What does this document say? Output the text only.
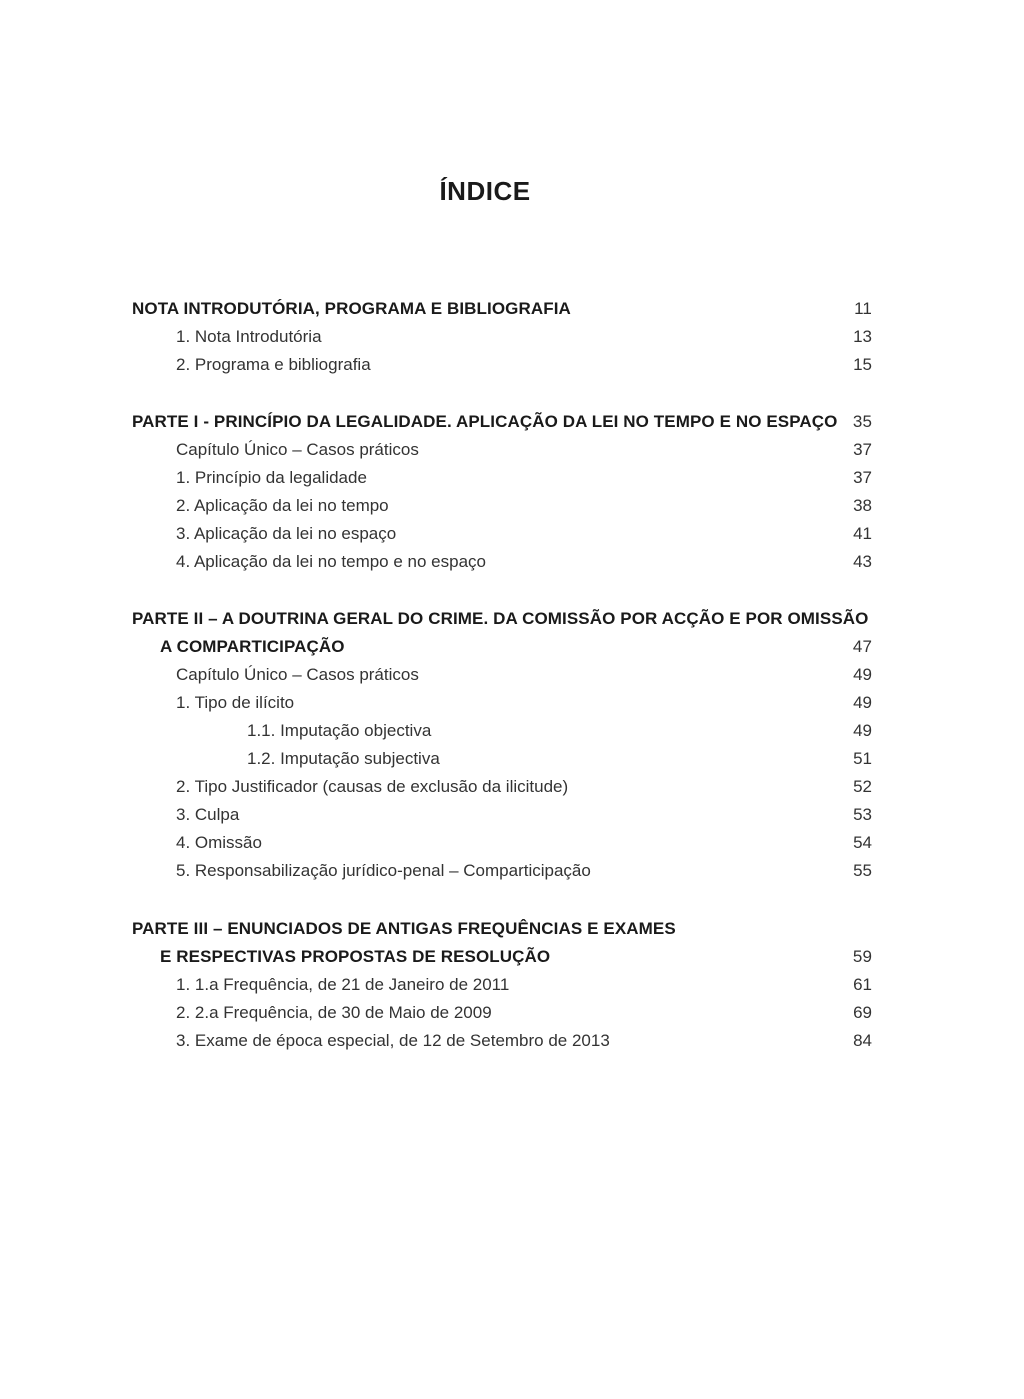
ÍNDICE
NOTA INTRODUTÓRIA, PROGRAMA E BIBLIOGRAFIA	11
1. Nota Introdutória	13
2. Programa e bibliografia	15
PARTE I - PRINCÍPIO DA LEGALIDADE. APLICAÇÃO DA LEI NO TEMPO E NO ESPAÇO 35
Capítulo Único – Casos práticos	37
1. Princípio da legalidade	37
2. Aplicação da lei no tempo	38
3. Aplicação da lei no espaço	41
4. Aplicação da lei no tempo e no espaço	43
PARTE II – A DOUTRINA GERAL DO CRIME. DA COMISSÃO POR ACÇÃO E POR OMISSÃO
A COMPARTICIPAÇÃO	47
Capítulo Único – Casos práticos	49
1. Tipo de ilícito	49
1.1. Imputação objectiva	49
1.2. Imputação subjectiva	51
2. Tipo Justificador (causas de exclusão da ilicitude)	52
3. Culpa	53
4. Omissão	54
5. Responsabilização jurídico-penal – Comparticipação	55
PARTE III – ENUNCIADOS DE ANTIGAS FREQUÊNCIAS E EXAMES
E RESPECTIVAS PROPOSTAS DE RESOLUÇÃO	59
1. 1.a Frequência, de 21 de Janeiro de 2011	61
2. 2.a Frequência, de 30 de Maio de 2009	69
3. Exame de época especial, de 12 de Setembro de 2013	84
